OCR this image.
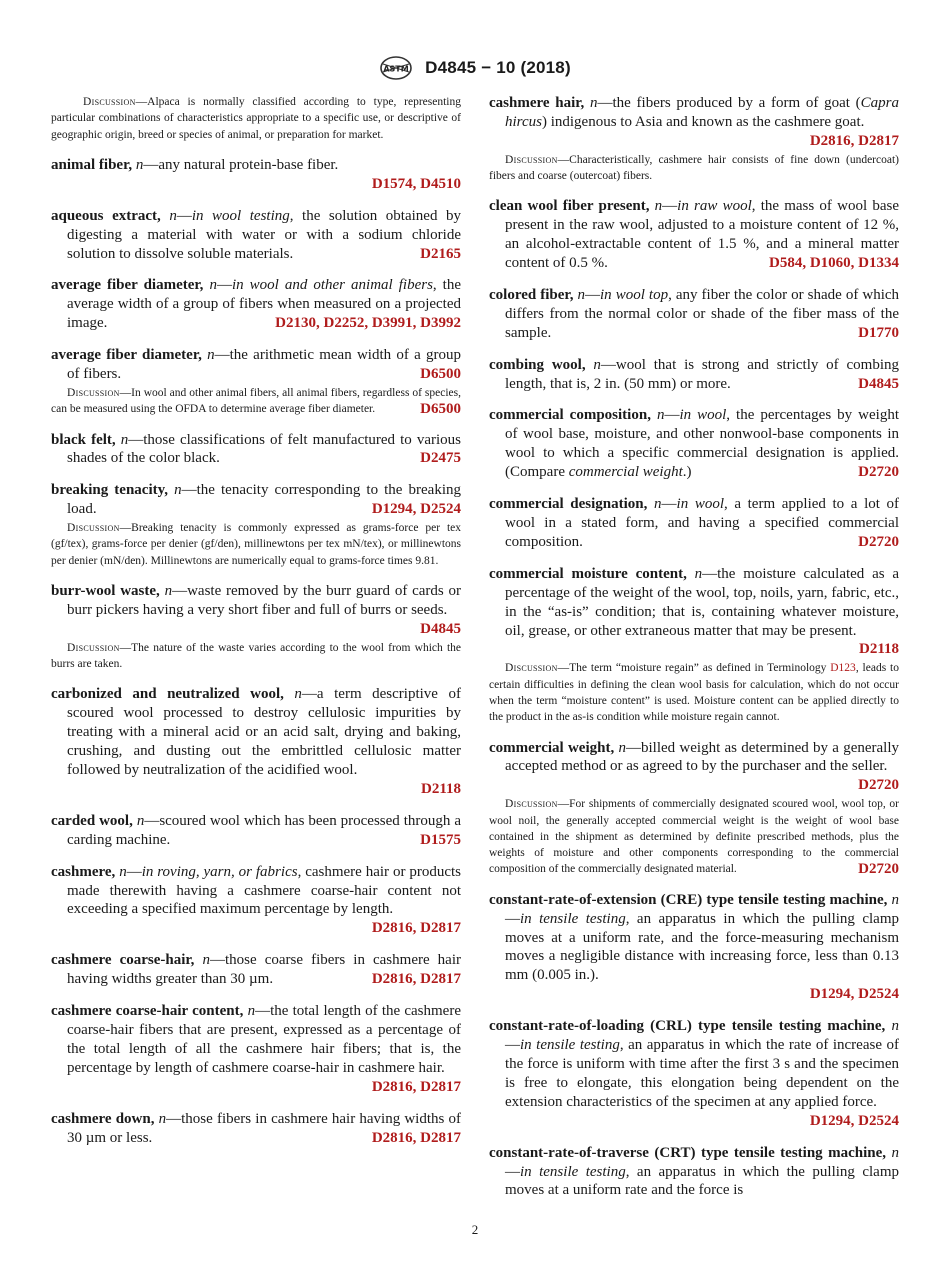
ASTM D4845 − 10 (2018)
Discussion—Alpaca is normally classified according to type, representing particular combinations of characteristics appropriate to a specific use, or descriptive of geographic origin, breed or species of animal, or preparation for market.
animal fiber, n—any natural protein-base fiber.
D1574, D4510
aqueous extract, n—in wool testing, the solution obtained by digesting a material with water or with a sodium chloride solution to dissolve soluble materials.	D2165
average fiber diameter, n—in wool and other animal fibers, the average width of a group of fibers when measured on a projected image.	D2130, D2252, D3991, D3992
average fiber diameter, n—the arithmetic mean width of a group of fibers.	D6500
Discussion—In wool and other animal fibers, all animal fibers, regardless of species, can be measured using the OFDA to determine average fiber diameter.	D6500
black felt, n—those classifications of felt manufactured to various shades of the color black.	D2475
breaking tenacity, n—the tenacity corresponding to the breaking load.	D1294, D2524
Discussion—Breaking tenacity is commonly expressed as grams-force per tex (gf/tex), grams-force per denier (gf/den), millinewtons per tex mN/tex), or millinewtons per denier (mN/den). Millinewtons are numerically equal to grams-force times 9.81.
burr-wool waste, n—waste removed by the burr guard of cards or burr pickers having a very short fiber and full of burrs or seeds.
D4845
Discussion—The nature of the waste varies according to the wool from which the burrs are taken.
carbonized and neutralized wool, n—a term descriptive of scoured wool processed to destroy cellulosic impurities by treating with a mineral acid or an acid salt, drying and baking, crushing, and dusting out the embrittled cellulosic matter followed by neutralization of the acidified wool.
D2118
carded wool, n—scoured wool which has been processed through a carding machine.	D1575
cashmere, n—in roving, yarn, or fabrics, cashmere hair or products made therewith having a cashmere coarse-hair content not exceeding a specified maximum percentage by length.
D2816, D2817
cashmere coarse-hair, n—those coarse fibers in cashmere hair having widths greater than 30 µm.	D2816, D2817
cashmere coarse-hair content, n—the total length of the cashmere coarse-hair fibers that are present, expressed as a percentage of the total length of all the cashmere hair fibers; that is, the percentage by length of cashmere coarse-hair in cashmere hair.
D2816, D2817
cashmere down, n—those fibers in cashmere hair having widths of 30 µm or less.	D2816, D2817
cashmere hair, n—the fibers produced by a form of goat (Capra hircus) indigenous to Asia and known as the cashmere goat.
D2816, D2817
Discussion—Characteristically, cashmere hair consists of fine down (undercoat) fibers and coarse (outercoat) fibers.
clean wool fiber present, n—in raw wool, the mass of wool base present in the raw wool, adjusted to a moisture content of 12 %, an alcohol-extractable content of 1.5 %, and a mineral matter content of 0.5 %.	D584, D1060, D1334
colored fiber, n—in wool top, any fiber the color or shade of which differs from the normal color or shade of the fiber mass of the sample.	D1770
combing wool, n—wool that is strong and strictly of combing length, that is, 2 in. (50 mm) or more.	D4845
commercial composition, n—in wool, the percentages by weight of wool base, moisture, and other nonwool-base components in wool to which a specific commercial designation is applied. (Compare commercial weight.)	D2720
commercial designation, n—in wool, a term applied to a lot of wool in a stated form, and having a specified commercial composition.	D2720
commercial moisture content, n—the moisture calculated as a percentage of the weight of the wool, top, noils, yarn, fabric, etc., in the “as-is” condition; that is, containing whatever moisture, oil, grease, or other extraneous matter that may be present.
D2118
Discussion—The term “moisture regain” as defined in Terminology D123, leads to certain difficulties in defining the clean wool basis for calculation, which do not occur when the term “moisture content” is used. Moisture content can be applied directly to the product in the as-is condition while moisture regain cannot.
commercial weight, n—billed weight as determined by a generally accepted method or as agreed to by the purchaser and the seller.
D2720
Discussion—For shipments of commercially designated scoured wool, wool top, or wool noil, the generally accepted commercial weight is the weight of wool base contained in the shipment as determined by definite prescribed methods, plus the weights of moisture and other components corresponding to the commercial composition of the commercially designated material.	D2720
constant-rate-of-extension (CRE) type tensile testing machine, n—in tensile testing, an apparatus in which the pulling clamp moves at a uniform rate, and the force-measuring mechanism moves a negligible distance with increasing force, less than 0.13 mm (0.005 in.).
D1294, D2524
constant-rate-of-loading (CRL) type tensile testing machine, n—in tensile testing, an apparatus in which the rate of increase of the force is uniform with time after the first 3 s and the specimen is free to elongate, this elongation being dependent on the extension characteristics of the specimen at any applied force.
D1294, D2524
constant-rate-of-traverse (CRT) type tensile testing machine, n—in tensile testing, an apparatus in which the pulling clamp moves at a uniform rate and the force is
2
